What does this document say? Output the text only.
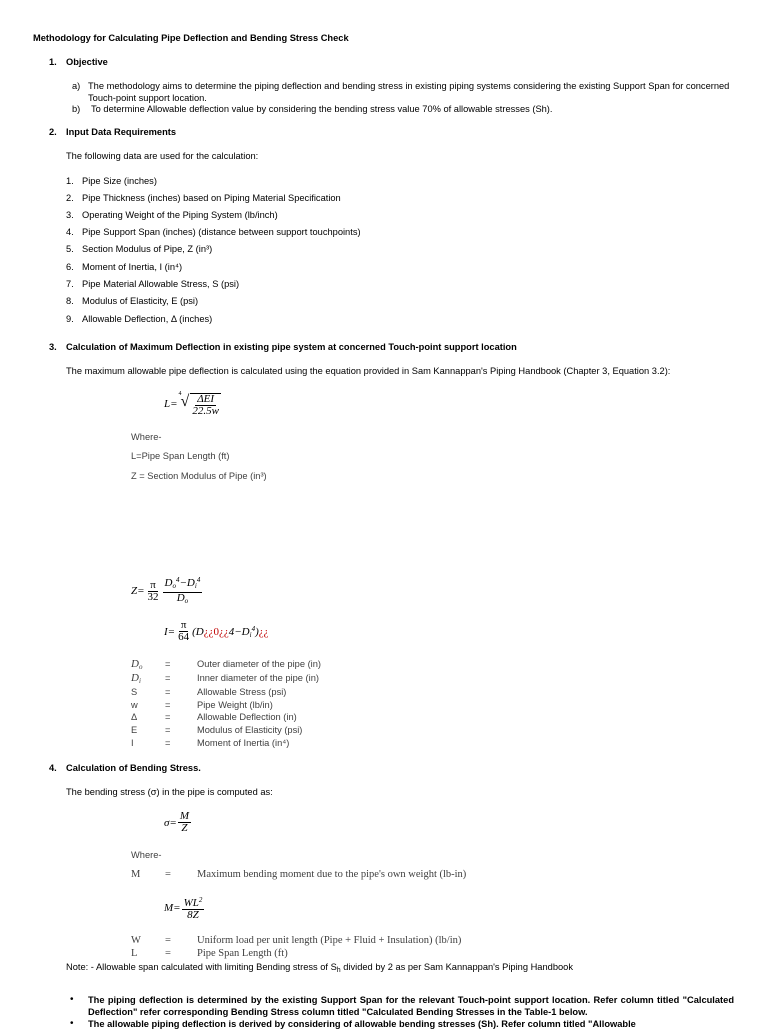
Methodology for Calculating Pipe Deflection and Bending Stress Check
1. Objective
a) The methodology aims to determine the piping deflection and bending stress in existing piping systems considering the existing Support Span for concerned Touch-point support location.
b) To determine Allowable deflection value by considering the bending stress value 70% of allowable stresses (Sh).
2. Input Data Requirements
The following data are used for the calculation:
1. Pipe Size (inches)
2. Pipe Thickness (inches) based on Piping Material Specification
3. Operating Weight of the Piping System (lb/inch)
4. Pipe Support Span (inches) (distance between support touchpoints)
5. Section Modulus of Pipe, Z (in³)
6. Moment of Inertia, I (in⁴)
7. Pipe Material Allowable Stress, S (psi)
8. Modulus of Elasticity, E (psi)
9. Allowable Deflection, Δ (inches)
3. Calculation of Maximum Deflection in existing pipe system at concerned Touch-point support location
The maximum allowable pipe deflection is calculated using the equation provided in Sam Kannappan's Piping Handbook (Chapter 3, Equation 3.2):
L=
4 √ $\frac{\text{ΔEI}}{22.5w}$
Where-
L=Pipe Span Length (ft)
Z = Section Modulus of Pipe (in³)
$Z= \frac{\pi}{32} \frac{D_o^4-D_i^4}{D_o}$
$I= \frac{\pi}{64}$ $(D¿¿0¿¿4-D_i^4)¿¿$
$D_o$ =	Outer diameter of the pipe (in)
$D_i$	=	Inner diameter of the pipe (in)
S	=	Allowable Stress (psi)
w	=	Pipe Weight (lb/in)
Δ	=	Allowable Deflection (in)
E	=	Modulus of Elasticity (psi)
I	=	Moment of Inertia (in⁴)
4. Calculation of Bending Stress.
The bending stress (σ) in the pipe is computed as:
$\sigma= \frac{M}{Z}$
Where-
M = Maximum bending moment due to the pipe's own weight (lb-in)
$M= \frac{WL^2}{8Z}$
W = Uniform load per unit length (Pipe + Fluid + Insulation) (lb/in)
L	= Pipe Span Length (ft)
Note: - Allowable span calculated with limiting Bending stress of $S_h$ divided by 2 as per Sam Kannappan's Piping Handbook
• The piping deflection is determined by the existing Support Span for the relevant Touch-point support location. Refer column titled "Calculated Deflection" refer corresponding Bending Stress column titled "Calculated Bending Stresses in the Table-1 below.
• The allowable piping deflection is derived by considering of allowable bending stresses (Sh). Refer column titled "Allowable
